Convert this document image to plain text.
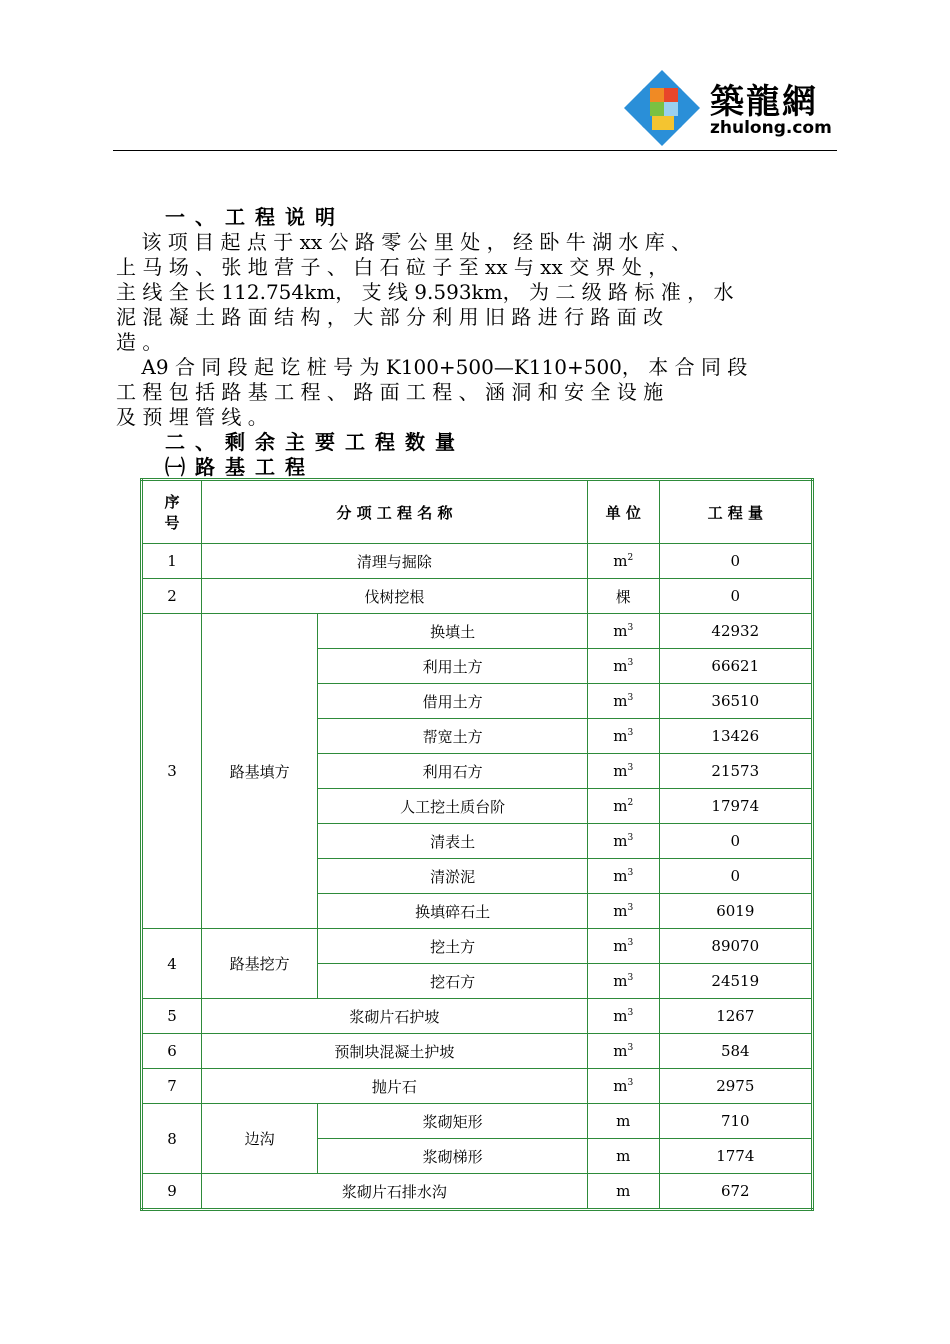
築龍網
zhulong.com
一、工程说明
该 项 目 起 点 于 xx 公 路 零 公 里 处 ， 经 卧 牛 湖 水 库 、
上 马 场 、 张 地 营 子 、 白 石 砬 子 至 xx 与 xx 交 界 处 ，
主 线 全 长 112.754km， 支 线 9.593km， 为 二 级 路 标 准 ， 水
泥 混 凝 土 路 面 结 构 ， 大 部 分 利 用 旧 路 进 行 路 面 改
造 。
A9 合 同 段 起 讫 桩 号 为 K100+500—K110+500， 本 合 同 段
工 程 包 括 路 基 工 程 、 路 面 工 程 、 涵 洞 和 安 全 设 施
及 预 埋 管 线 。
二、剩余主要工程数量
㈠路基工程
序号	分 项 工 程 名 称		单 位	工 程 量
1	清理与掘除		$m^2$	0
2	伐树挖根		棵	0
3	路基填方	换填土	$m^3$	42932
		利用土方	$m^3$	66621
		借用土方	$m^3$	36510
		帮宽土方	$m^3$	13426
		利用石方	$m^3$	21573
		人工挖土质台阶	$m^2$	17974
		清表土	$m^3$	0
		清淤泥	$m^3$	0
		换填碎石土	$m^3$	6019
4	路基挖方	挖土方	$m^3$	89070
		挖石方	$m^3$	24519
5	浆砌片石护坡		$m^3$	1267
6	预制块混凝土护坡		$m^3$	584
7	抛片石		$m^3$	2975
8	边沟	浆砌矩形	m	710
		浆砌梯形	m	1774
9	浆砌片石排水沟		m	672
